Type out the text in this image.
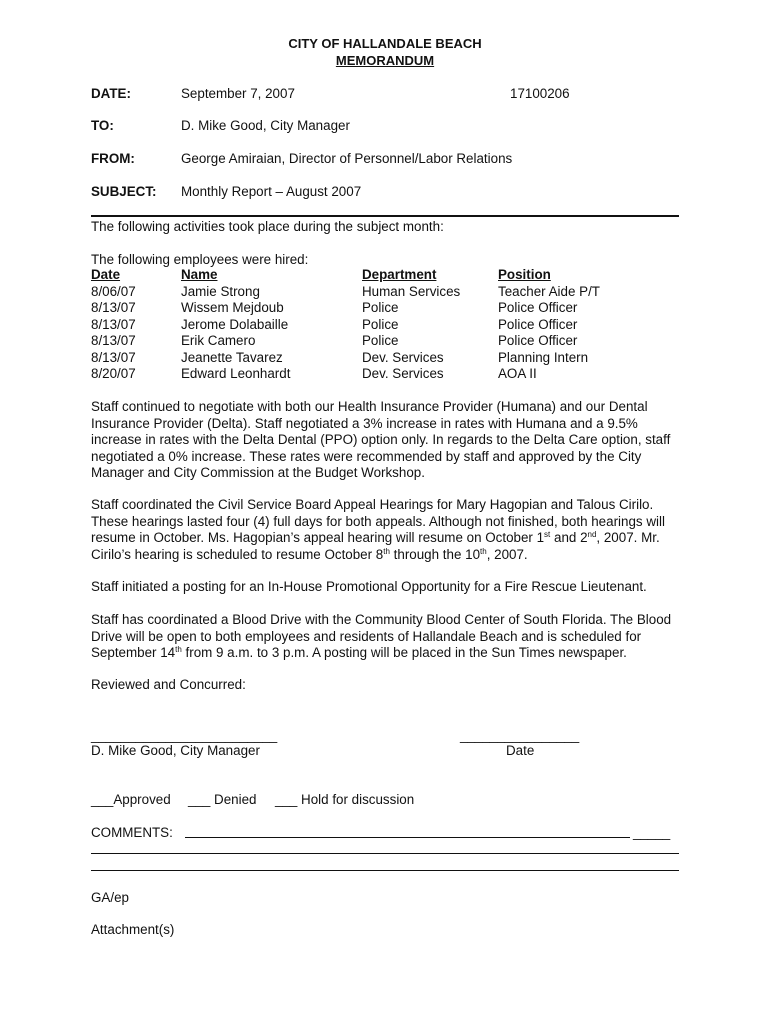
CITY OF HALLANDALE BEACH
MEMORANDUM
DATE:	September 7, 2007	17100206
TO:	D. Mike Good, City Manager
FROM:	George Amiraian, Director of Personnel/Labor Relations
SUBJECT: Monthly Report – August 2007
The following activities took place during the subject month:
The following employees were hired:
Date	Name	Department	Position
8/06/07	Jamie Strong	Human Services	Teacher Aide P/T
8/13/07	Wissem Mejdoub	Police	Police Officer
8/13/07	Jerome Dolabaille	Police	Police Officer
8/13/07	Erik Camero	Police	Police Officer
8/13/07	Jeanette Tavarez	Dev. Services	Planning Intern
8/20/07	Edward Leonhardt	Dev. Services	AOA II
Staff continued to negotiate with both our Health Insurance Provider (Humana) and our Dental Insurance Provider (Delta). Staff negotiated a 3% increase in rates with Humana and a 9.5% increase in rates with the Delta Dental (PPO) option only. In regards to the Delta Care option, staff negotiated a 0% increase. These rates were recommended by staff and approved by the City Manager and City Commission at the Budget Workshop.
Staff coordinated the Civil Service Board Appeal Hearings for Mary Hagopian and Talous Cirilo. These hearings lasted four (4) full days for both appeals. Although not finished, both hearings will resume in October. Ms. Hagopian’s appeal hearing will resume on October 1st and 2nd, 2007. Mr. Cirilo’s hearing is scheduled to resume October 8th through the 10th, 2007.
Staff initiated a posting for an In-House Promotional Opportunity for a Fire Rescue Lieutenant.
Staff has coordinated a Blood Drive with the Community Blood Center of South Florida. The Blood Drive will be open to both employees and residents of Hallandale Beach and is scheduled for September 14th from 9 a.m. to 3 p.m. A posting will be placed in the Sun Times newspaper.
Reviewed and Concurred:
_________________________	________________
D. Mike Good, City Manager	Date
___Approved ___ Denied ___ Hold for discussion
COMMENTS:	_____
GA/ep
Attachment(s)
